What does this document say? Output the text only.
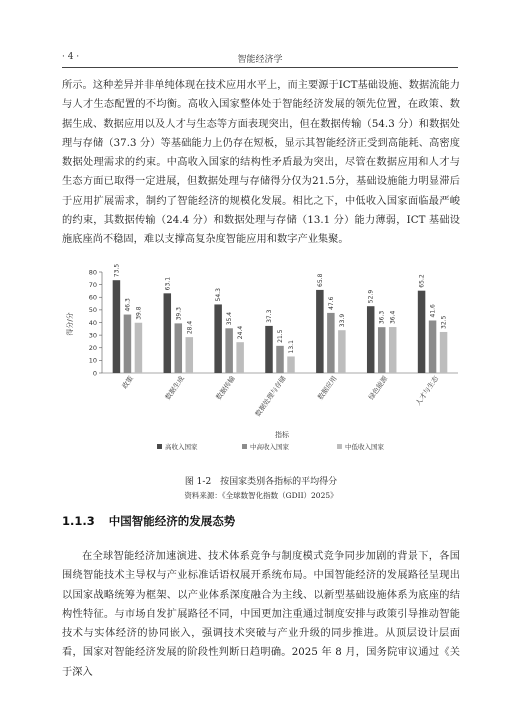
· 4 ·	智能经济学

所示。这种差异并非单纯体现在技术应用水平上，而主要源于ICT基础设施、数据流能力与人才生态配置的不均衡。高收入国家整体处于智能经济发展的领先位置，在政策、数据生成、数据应用以及人才与生态等方面表现突出，但在数据传输（54.3 分）和数据处理与存储（37.3 分）等基础能力上仍存在短板，显示其智能经济正受到高能耗、高密度数据处理需求的约束。中高收入国家的结构性矛盾最为突出，尽管在数据应用和人才与生态方面已取得一定进展，但数据处理与存储得分仅为21.5分，基础设施能力明显滞后于应用扩展需求，制约了智能经济的规模化发展。相比之下，中低收入国家面临最严峻的约束，其数据传输（24.4 分）和数据处理与存储（13.1 分）能力薄弱，ICT 基础设施底座尚不稳固，难以支撑高复杂度智能应用和数字产业集聚。

得分/分
指标
0
10
20
30
40
50
60
70
80	73.5
46.3
39.8
63.1
39.3
28.4
54.3
35.4
24.4
37.3
21.5
13.1
65.8
47.6
33.9
52.9
36.3 36.4
65.2
41.6
32.5
政策	数据生成	数据传输	数据处理与存储	数据应用	绿色能源	人才与生态
高收入国家	中高收入国家	中低收入国家
图 1-2　按国家类别各指标的平均得分
资料来源：《全球数智化指数（GDII）2025》
1.1.3 中国智能经济的发展态势

在全球智能经济加速演进、技术体系竞争与制度模式竞争同步加剧的背景下，各国围绕智能技术主导权与产业标准话语权展开系统布局。中国智能经济的发展路径呈现出以国家战略统筹为框架、以产业体系深度融合为主线、以新型基础设施体系为底座的结构性特征。与市场自发扩展路径不同，中国更加注重通过制度安排与政策引导推动智能技术与实体经济的协同嵌入，强调技术突破与产业升级的同步推进。从顶层设计层面看，国家对智能经济发展的阶段性判断日趋明确。2025 年 8 月，国务院审议通过《关于深入
